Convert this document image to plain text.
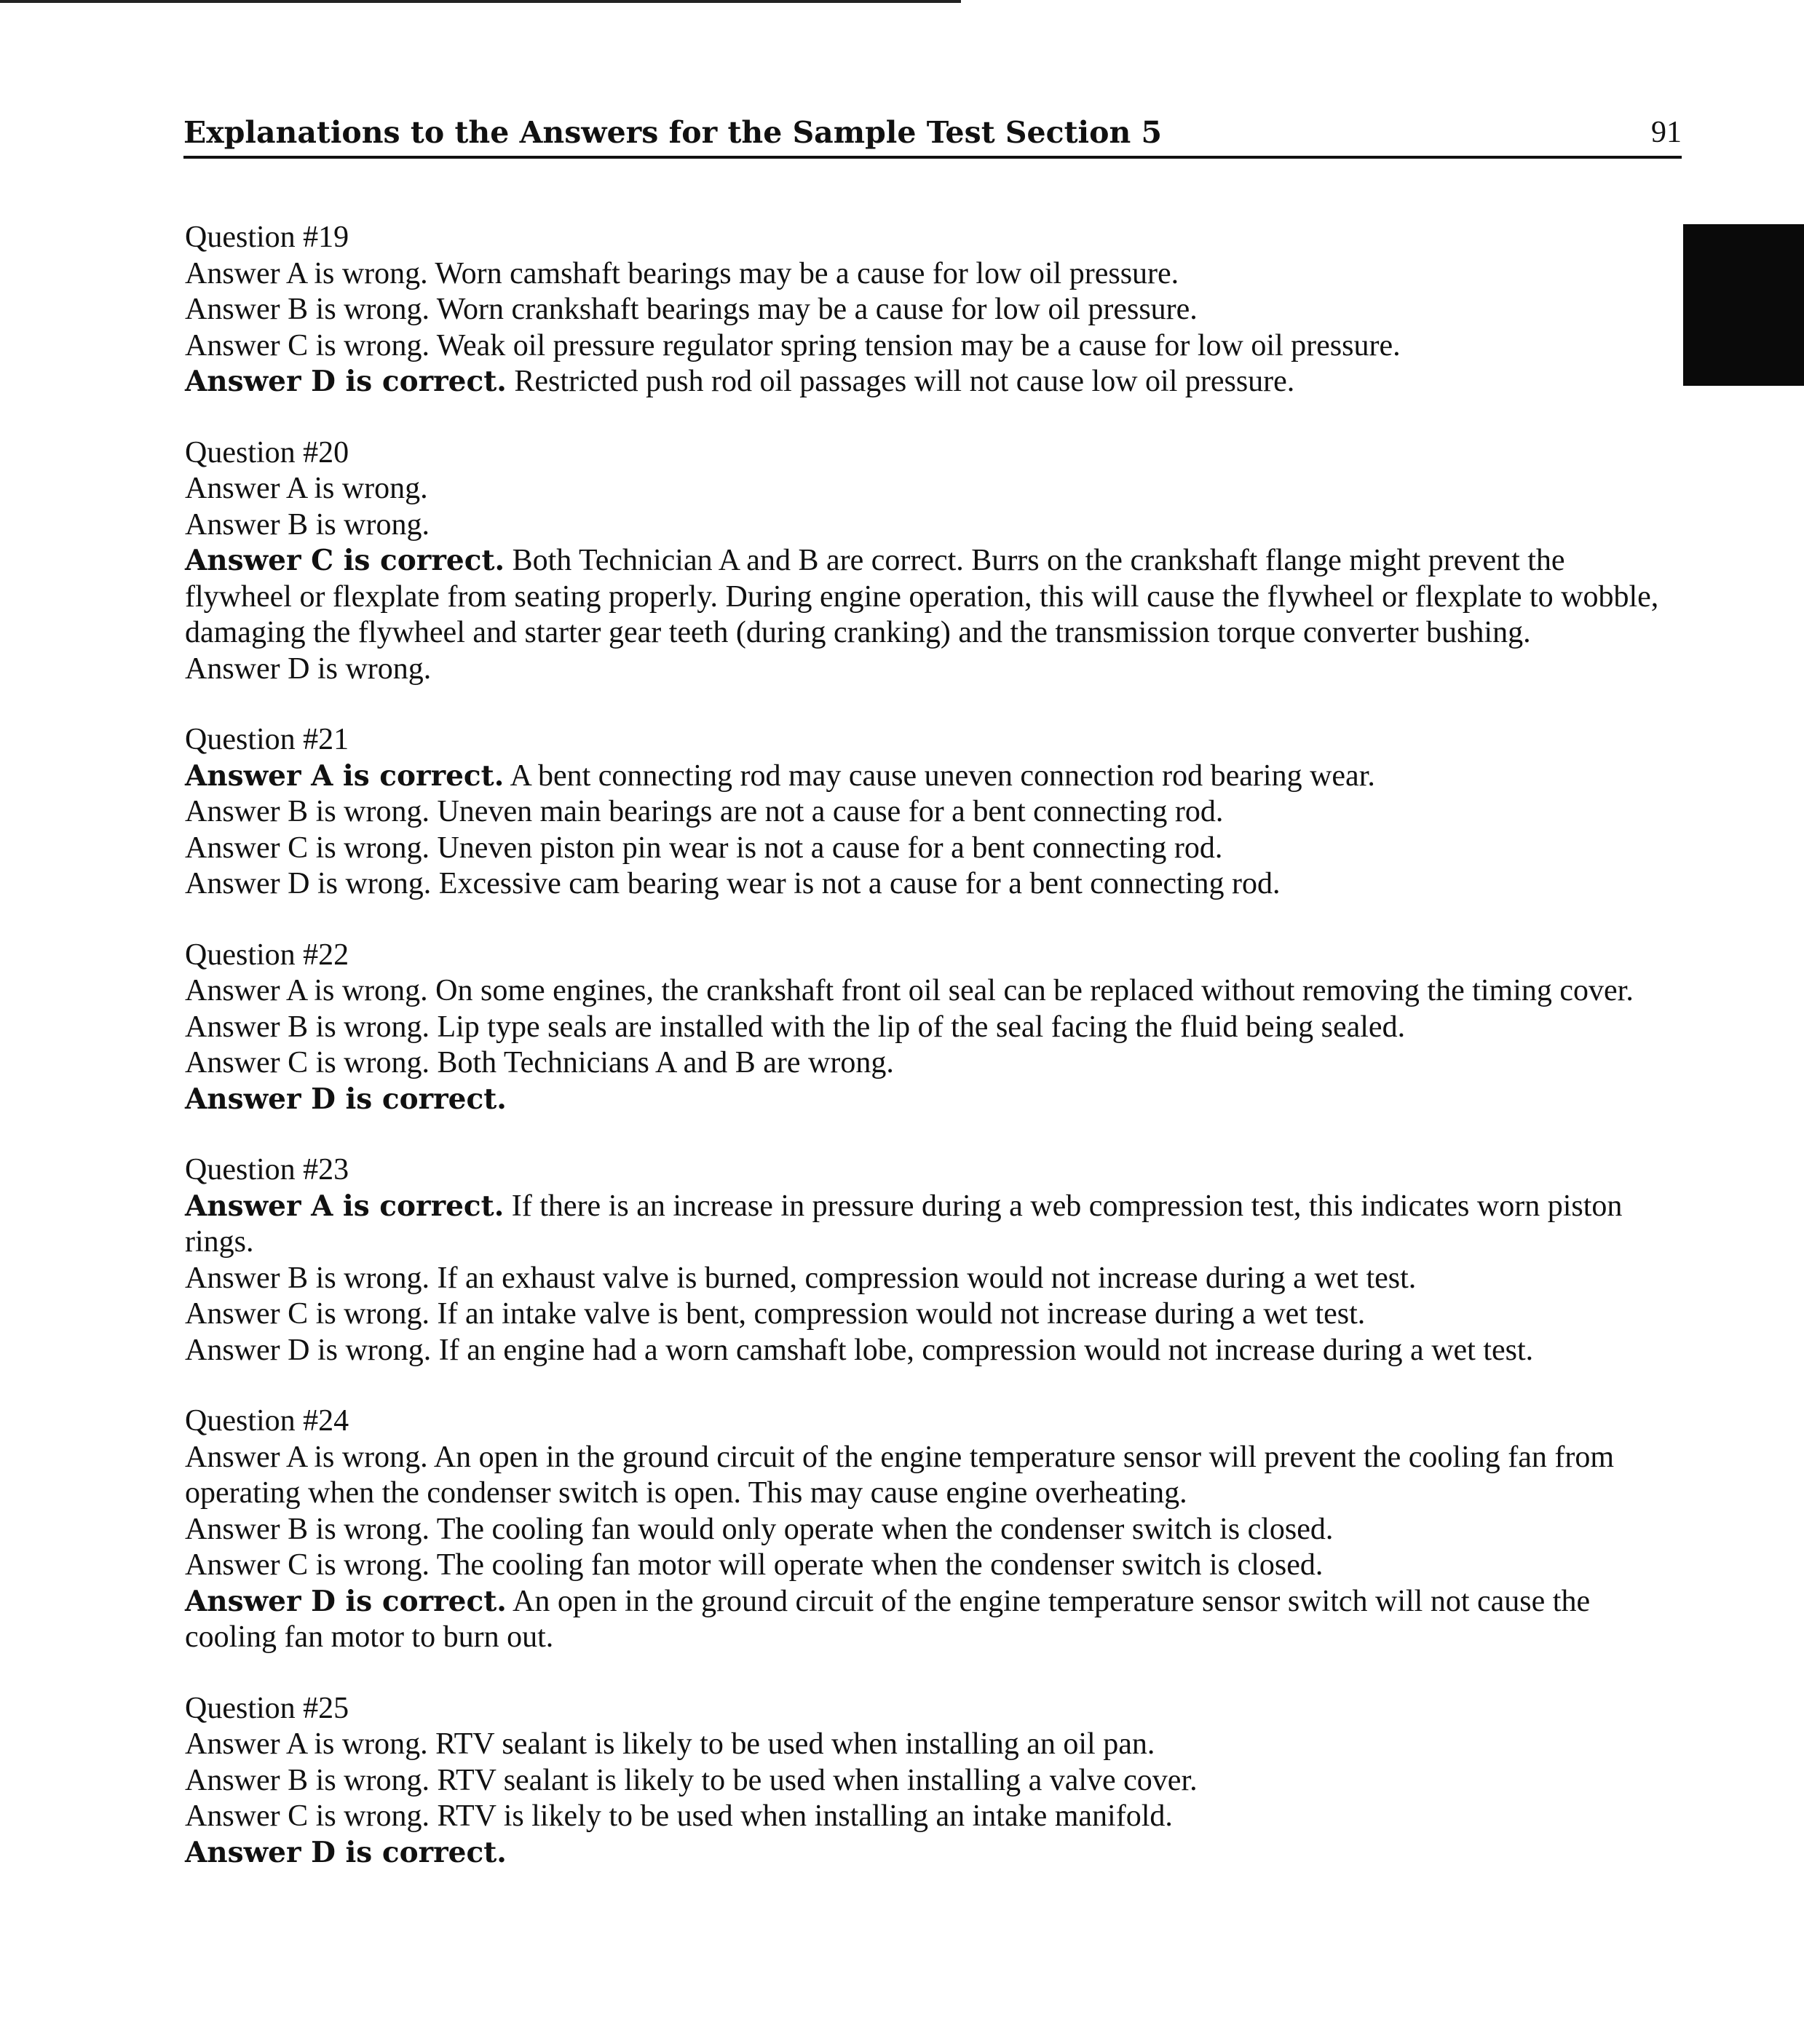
Explanations to the Answers for the Sample Test Section 5	91
Question #19
Answer A is wrong. Worn camshaft bearings may be a cause for low oil pressure.
Answer B is wrong. Worn crankshaft bearings may be a cause for low oil pressure.
Answer C is wrong. Weak oil pressure regulator spring tension may be a cause for low oil pressure.
Answer D is correct. Restricted push rod oil passages will not cause low oil pressure.
Question #20
Answer A is wrong.
Answer B is wrong.
Answer C is correct. Both Technician A and B are correct. Burrs on the crankshaft flange might prevent the flywheel or flexplate from seating properly. During engine operation, this will cause the flywheel or flexplate to wobble, damaging the flywheel and starter gear teeth (during cranking) and the transmission torque converter bushing.
Answer D is wrong.
Question #21
Answer A is correct. A bent connecting rod may cause uneven connection rod bearing wear.
Answer B is wrong. Uneven main bearings are not a cause for a bent connecting rod.
Answer C is wrong. Uneven piston pin wear is not a cause for a bent connecting rod.
Answer D is wrong. Excessive cam bearing wear is not a cause for a bent connecting rod.
Question #22
Answer A is wrong. On some engines, the crankshaft front oil seal can be replaced without removing the timing cover.
Answer B is wrong. Lip type seals are installed with the lip of the seal facing the fluid being sealed.
Answer C is wrong. Both Technicians A and B are wrong.
Answer D is correct.
Question #23
Answer A is correct. If there is an increase in pressure during a web compression test, this indicates worn piston rings.
Answer B is wrong. If an exhaust valve is burned, compression would not increase during a wet test.
Answer C is wrong. If an intake valve is bent, compression would not increase during a wet test.
Answer D is wrong. If an engine had a worn camshaft lobe, compression would not increase during a wet test.
Question #24
Answer A is wrong. An open in the ground circuit of the engine temperature sensor will prevent the cooling fan from operating when the condenser switch is open. This may cause engine overheating.
Answer B is wrong. The cooling fan would only operate when the condenser switch is closed.
Answer C is wrong. The cooling fan motor will operate when the condenser switch is closed.
Answer D is correct. An open in the ground circuit of the engine temperature sensor switch will not cause the cooling fan motor to burn out.
Question #25
Answer A is wrong. RTV sealant is likely to be used when installing an oil pan.
Answer B is wrong. RTV sealant is likely to be used when installing a valve cover.
Answer C is wrong. RTV is likely to be used when installing an intake manifold.
Answer D is correct.
